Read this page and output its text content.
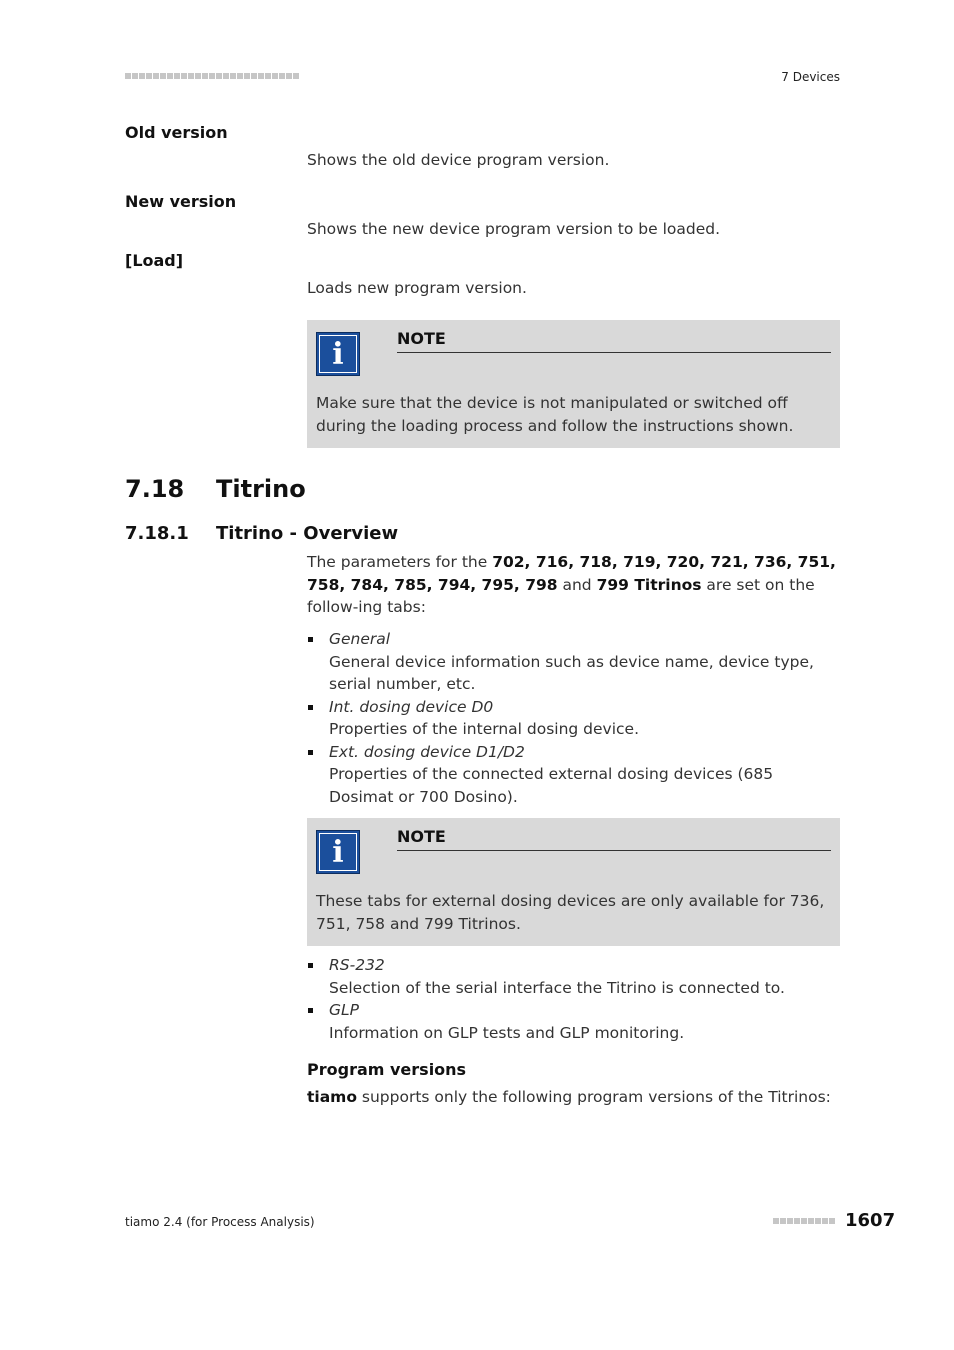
7 Devices
Old version
Shows the old device program version.
New version
Shows the new device program version to be loaded.
[Load]
Loads new program version.
i	NOTE
Make sure that the device is not manipulated or switched off during the loading process and follow the instructions shown.
7.18 Titrino
7.18.1 Titrino - Overview
The parameters for the 702, 716, 718, 719, 720, 721, 736, 751, 758, 784, 785, 794, 795, 798 and 799 Titrinos are set on the follow-ing tabs:
General
General device information such as device name, device type, serial number, etc.
Int. dosing device D0
Properties of the internal dosing device.
Ext. dosing device D1/D2
Properties of the connected external dosing devices (685 Dosimat or 700 Dosino).
i	NOTE
These tabs for external dosing devices are only available for 736, 751, 758 and 799 Titrinos.
RS-232
Selection of the serial interface the Titrino is connected to.
GLP
Information on GLP tests and GLP monitoring.
Program versions
tiamo supports only the following program versions of the Titrinos:
tiamo 2.4 (for Process Analysis)	1607
